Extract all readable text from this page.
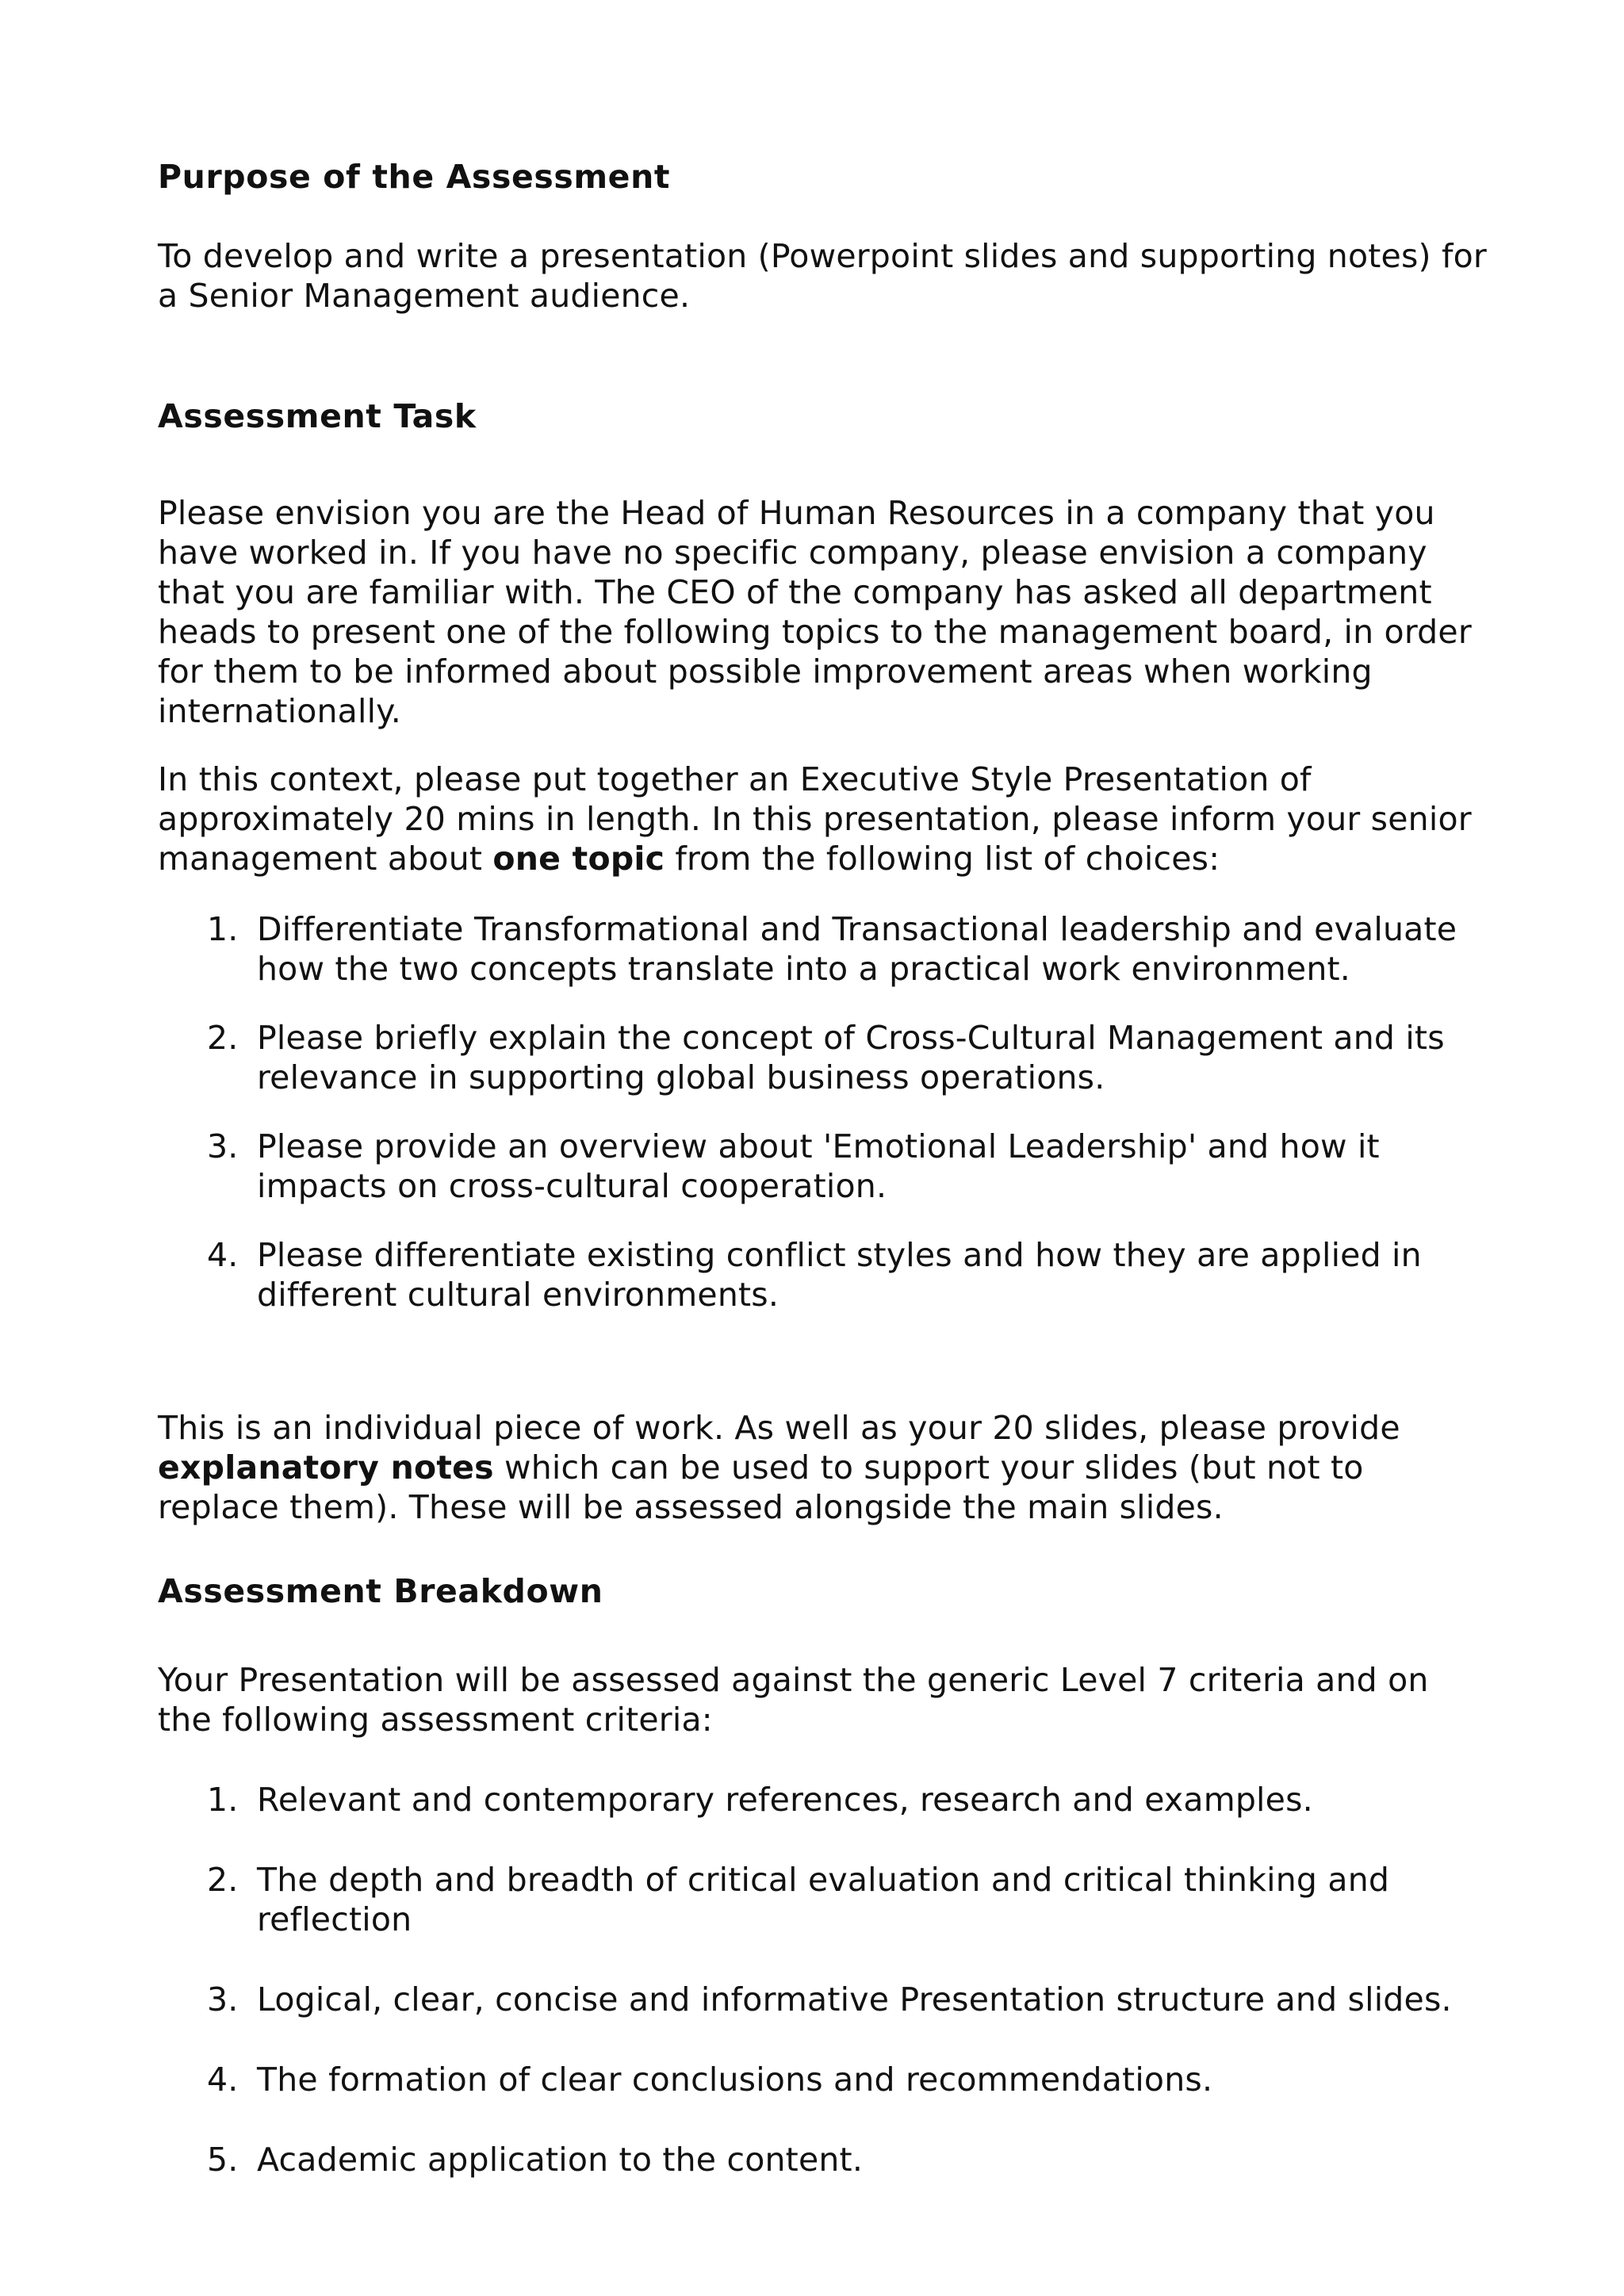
Purpose of the Assessment

To develop and write a presentation (Powerpoint slides and supporting notes) for a Senior Management audience.

Assessment Task

Please envision you are the Head of Human Resources in a company that you have worked in. If you have no specific company, please envision a company that you are familiar with. The CEO of the company has asked all department heads to present one of the following topics to the management board, in order for them to be informed about possible improvement areas when working internationally.

In this context, please put together an Executive Style Presentation of approximately 20 mins in length. In this presentation, please inform your senior management about one topic from the following list of choices:

1. Differentiate Transformational and Transactional leadership and evaluate how the two concepts translate into a practical work environment.
2. Please briefly explain the concept of Cross-Cultural Management and its relevance in supporting global business operations.
3. Please provide an overview about 'Emotional Leadership' and how it impacts on cross-cultural cooperation.
4. Please differentiate existing conflict styles and how they are applied in different cultural environments.

This is an individual piece of work. As well as your 20 slides, please provide explanatory notes which can be used to support your slides (but not to replace them). These will be assessed alongside the main slides.

Assessment Breakdown

Your Presentation will be assessed against the generic Level 7 criteria and on the following assessment criteria:

1. Relevant and contemporary references, research and examples.
2. The depth and breadth of critical evaluation and critical thinking and reflection
3. Logical, clear, concise and informative Presentation structure and slides.
4. The formation of clear conclusions and recommendations.
5. Academic application to the content.
